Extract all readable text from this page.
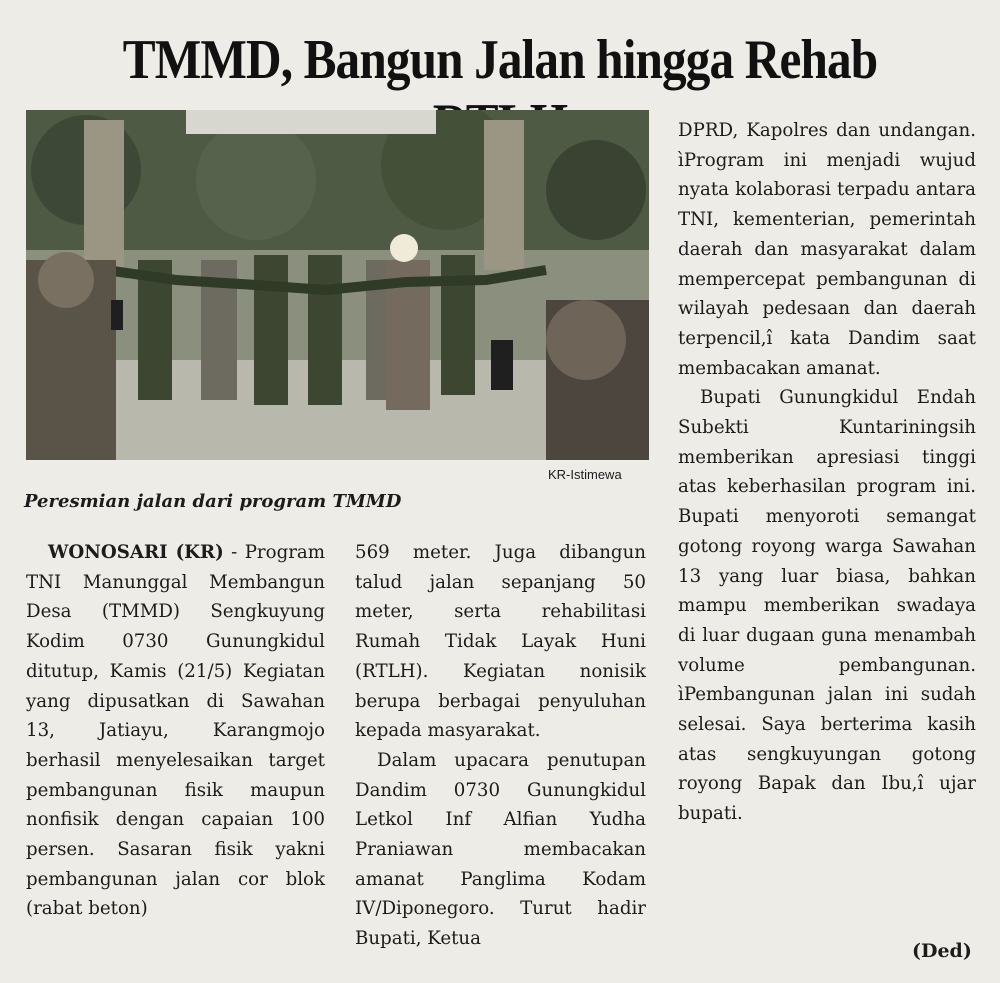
TMMD, Bangun Jalan hingga Rehab
KR-Istimewa
Peresmian jalan dari program TMMD

WONOSARI (KR) - Program TNI Manunggal Membangun Desa (TMMD) Sengkuyung Kodim 0730 Gunungkidul ditutup, Kamis (21/5) Kegiatan yang dipusatkan di Sawahan 13, Jatiayu, Karangmojo berhasil menyelesaikan target pembangunan fisik maupun nonfisik dengan capaian 100 persen. Sasaran fisik yakni pembangunan jalan cor blok (rabat beton)

569 meter. Juga dibangun talud jalan sepanjang 50 meter, serta rehabilitasi Rumah Tidak Layak Huni (RTLH). Kegiatan nonisik berupa berbagai penyuluhan kepada masyarakat.

Dalam upacara penutupan Dandim 0730 Gunungkidul Letkol Inf Alfian Yudha Praniawan membacakan amanat Panglima Kodam IV/Diponegoro. Turut hadir Bupati, Ketua

DPRD, Kapolres dan undangan. ìProgram ini menjadi wujud nyata kolaborasi terpadu antara TNI, kementerian, pemerintah daerah dan masyarakat dalam mempercepat pembangunan di wilayah pedesaan dan daerah terpencil,î kata Dandim saat membacakan amanat.

Bupati Gunungkidul Endah Subekti Kuntariningsih memberikan apresiasi tinggi atas keberhasilan program ini. Bupati menyoroti semangat gotong royong warga Sawahan 13 yang luar biasa, bahkan mampu memberikan swadaya di luar dugaan guna menambah volume pembangunan. ìPembangunan jalan ini sudah selesai. Saya berterima kasih atas sengkuyungan gotong royong Bapak dan Ibu,î ujar bupati.

(Ded)
